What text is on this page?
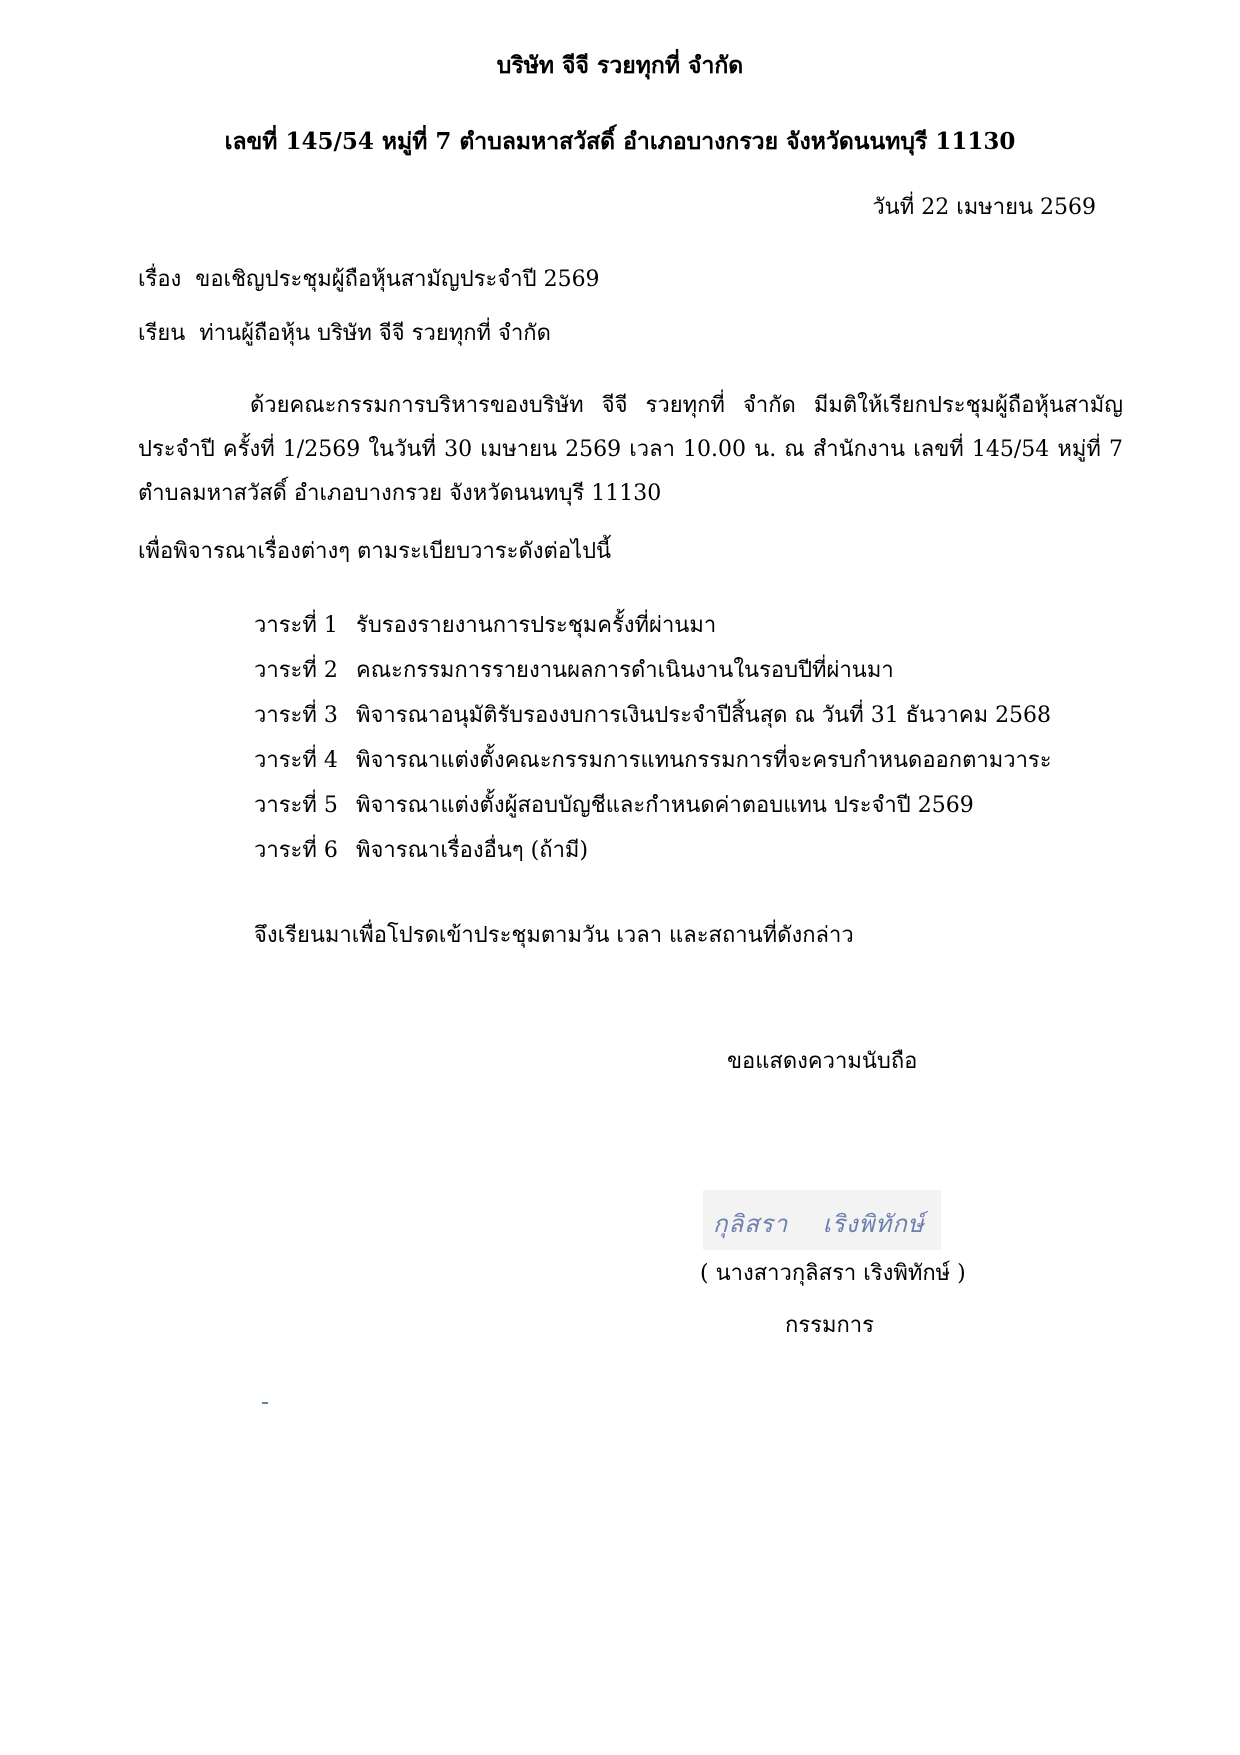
บริษัท จีจี รวยทุกที่ จำกัด
เลขที่ 145/54 หมู่ที่ 7 ตำบลมหาสวัสดิ์ อำเภอบางกรวย จังหวัดนนทบุรี 11130
วันที่ 22 เมษายน 2569
เรื่อง ขอเชิญประชุมผู้ถือหุ้นสามัญประจำปี 2569
เรียน ท่านผู้ถือหุ้น บริษัท จีจี รวยทุกที่ จำกัด
ด้วยคณะกรรมการบริหารของบริษัท จีจี รวยทุกที่ จำกัด มีมติให้เรียกประชุมผู้ถือหุ้นสามัญประจำปี ครั้งที่ 1/2569 ในวันที่ 30 เมษายน 2569 เวลา 10.00 น. ณ สำนักงาน เลขที่ 145/54 หมู่ที่ 7 ตำบลมหาสวัสดิ์ อำเภอบางกรวย จังหวัดนนทบุรี 11130
เพื่อพิจารณาเรื่องต่างๆ ตามระเบียบวาระดังต่อไปนี้
วาระที่ 1 รับรองรายงานการประชุมครั้งที่ผ่านมา
วาระที่ 2 คณะกรรมการรายงานผลการดำเนินงานในรอบปีที่ผ่านมา
วาระที่ 3 พิจารณาอนุมัติรับรองงบการเงินประจำปีสิ้นสุด ณ วันที่ 31 ธันวาคม 2568
วาระที่ 4 พิจารณาแต่งตั้งคณะกรรมการแทนกรรมการที่จะครบกำหนดออกตามวาระ
วาระที่ 5 พิจารณาแต่งตั้งผู้สอบบัญชีและกำหนดค่าตอบแทน ประจำปี 2569
วาระที่ 6 พิจารณาเรื่องอื่นๆ (ถ้ามี)
จึงเรียนมาเพื่อโปรดเข้าประชุมตามวัน เวลา และสถานที่ดังกล่าว
ขอแสดงความนับถือ
กุลิสรา    เริงพิทักษ์
( นางสาวกุลิสรา เริงพิทักษ์ )
กรรมการ
